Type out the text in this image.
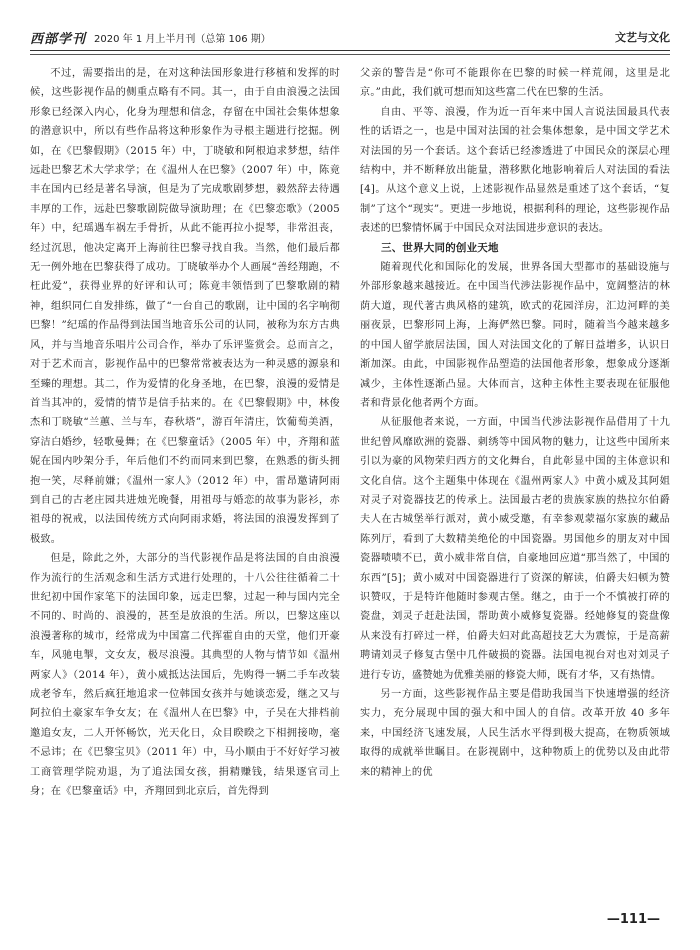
西部学刊 2020 年 1 月上半月刊（总第 106 期）	文艺与文化

不过，需要指出的是，在对这种法国形象进行移植和发挥的时候，这些影视作品的侧重点略有不同。其一，由于自由浪漫之法国形象已经深入内心，化身为理想和信念，存留在中国社会集体想象的潜意识中，所以有些作品将这种形象作为寻根主题进行挖掘。例如，在《巴黎假期》（2015 年）中，丁晓敏和阿根迫求梦想，结伴远赴巴黎艺术大学求学；在《温州人在巴黎》（2007 年）中，陈竟丰在国内已经是著名导演，但是为了完成歌剧梦想，毅然辞去待遇丰厚的工作，远赴巴黎歌剧院做导演助理；在《巴黎恋歌》（2005 年）中，纪瑶遇车祸左手骨折，从此不能再拉小提琴，非常沮丧，经过沉思，他决定离开上海前往巴黎寻找自我。当然，他们最后都无一例外地在巴黎获得了成功。丁晓敏举办个人画展“善经翔跑，不枉此爱”，获得业界的好评和认可；陈竟丰领悟到了巴黎歌剧的精神，组织同仁自发排练，做了“一台自己的歌剧，让中国的名字响彻巴黎！”纪瑶的作品得到法国当地音乐公司的认同，被称为东方古典风，并与当地音乐唱片公司合作，举办了乐评鉴赏会。总而言之，对于艺术而言，影视作品中的巴黎常常被表达为一种灵感的源泉和至臻的理想。其二，作为爱情的化身圣地，在巴黎，浪漫的爱情是首当其冲的，爱情的情节是信手拈来的。在《巴黎假期》中，林俊杰和丁晓敏“兰蕙、兰与车，春秋塔”，游百年清庄，饮葡萄美酒，穿洁白婚纱，轻歌曼舞；在《巴黎童话》（2005 年）中，齐翔和蓝妮在国内吵架分手，年后他们不约而同来到巴黎，在熟悉的街头拥抱一笑，尽释前嫌；《温州一家人》（2012 年）中，雷昂邀请阿雨到自己的古老庄园共进烛光晚餐，用祖母与婚恋的故事为影衫，赤祖母的祝戒，以法国传统方式向阿雨求婚，将法国的浪漫发挥到了极致。

但是，除此之外，大部分的当代影视作品是将法国的自由浪漫作为流行的生活观念和生活方式进行处理的，十八公往往循着二十世纪初中国作家笔下的法国印象，远走巴黎，过起一种与国内完全不同的、时尚的、浪漫的，甚至是放浪的生活。所以，巴黎这座以浪漫著称的城市，经常成为中国富二代挥霍自由的天堂，他们开豪车，风驰电掣，文女友，极尽浪漫。其典型的人物与情节如《温州两家人》（2014 年），黄小威抵达法国后，先购得一辆二手车改装成老爷车，然后疯狂地追求一位韩国女孩并与她谈恋爱，继之又与阿拉伯土豪家车争女友；在《温州人在巴黎》中，子吴在大排档前邀追女友，二人开怀畅饮，光天化日，众目睽睽之下相拥接吻，毫不忌讳；在《巴黎宝贝》（2011 年）中，马小顺由于不好好学习被工商管理学院劝退，为了追法国女孩，捐精赚钱，结果逐官司上身；在《巴黎童话》中，齐翔回到北京后，首先得到

父亲的警告是“你可不能跟你在巴黎的时候一样荒闹，这里是北京。”由此，我们就可想而知这些富二代在巴黎的生活。

自由、平等、浪漫，作为近一百年来中国人言说法国最具代表性的话语之一，也是中国对法国的社会集体想象，是中国文学艺术对法国的另一个套话。这个套话已经渗透进了中国民众的深层心理结构中，并不断释放出能量，潜移默化地影响着后人对法国的看法[4]。从这个意义上说，上述影视作品显然是重述了这个套话，“复制”了这个“现实”。更进一步地说，根据利科的理论，这些影视作品表述的巴黎情怀属于中国民众对法国进步意识的表达。

三、世界大同的创业天地

随着现代化和国际化的发展，世界各国大型都市的基础设施与外部形象越来越接近。在中国当代涉法影视作品中，宽阔整洁的林荫大道，现代著古典风格的建筑，欧式的花园洋房，汇边河畔的美丽夜景，巴黎形同上海，上海俨然巴黎。同时，随着当今越来越多的中国人留学旅居法国，国人对法国文化的了解日益增多，认识日渐加深。由此，中国影视作品塑造的法国他者形象，想象成分逐渐减少，主体性逐渐凸显。大体而言，这种主体性主要表现在征服他者和背景化他者两个方面。

从征服他者来说，一方面，中国当代涉法影视作品借用了十九世纪曾风靡欧洲的瓷器、刺绣等中国风物的魅力，让这些中国所来引以为豪的风物荣归西方的文化舞台，自此彰显中国的主体意识和文化自信。这个主题集中体现在《温州两家人》中黄小威及其阿姐对灵子对瓷器技艺的传承上。法国最古老的贵族家族的热拉尔伯爵夫人在古城堡举行派对，黄小威受邀，有幸参观蒙福尔家族的藏品陈列厅，看到了大数精美绝伦的中国瓷器。男国他乡的朋友对中国瓷器啧啧不已，黄小威非常自信，自豪地回应道“那当然了，中国的东西”[5]；黄小威对中国瓷器进行了资深的解读，伯爵夫妇顿为赞识赞叹，于是特许他随时参观古堡。继之，由于一个不慎被打碎的瓷盘，刘灵子赶赴法国，帮助黄小威修复瓷器。经她修复的瓷盘像从来没有打碎过一样，伯爵夫妇对此高超技艺大为震惊，于是高薪聘请刘灵子修复古堡中几件破损的瓷器。法国电视台对也对刘灵子进行专访，盛赞她为优雅美丽的修瓷大师，既有才华，又有热情。

另一方面，这些影视作品主要是借助我国当下快速增强的经济实力，充分展现中国的强大和中国人的自信。改革开放 40 多年来，中国经济飞速发展，人民生活水平得到极大提高，在物质领域取得的成就举世瞩目。在影视剧中，这种物质上的优势以及由此带来的精神上的优

—111—
